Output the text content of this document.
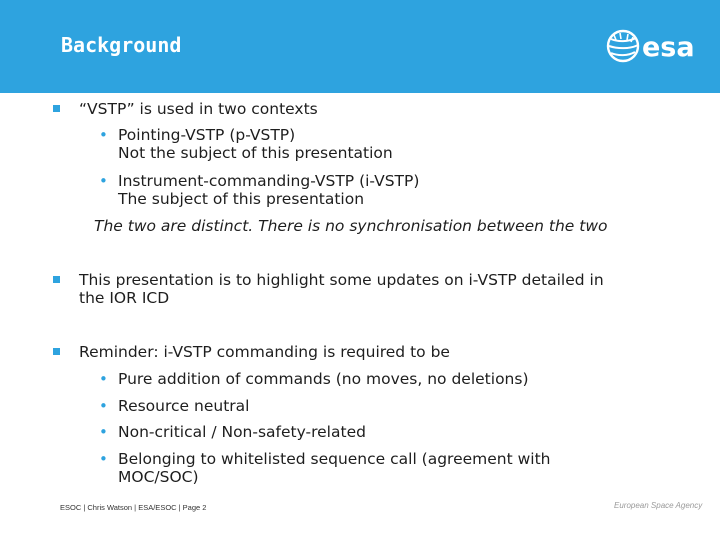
Background	esa
“VSTP” is used in two contexts
• Pointing-VSTP (p-VSTP)
Not the subject of this presentation
• Instrument-commanding-VSTP (i-VSTP)
The subject of this presentation
The two are distinct. There is no synchronisation between the two
This presentation is to highlight some updates on i-VSTP detailed in
the IOR ICD
Reminder: i-VSTP commanding is required to be
• Pure addition of commands (no moves, no deletions)
• Resource neutral
• Non-critical / Non-safety-related
• Belonging to whitelisted sequence call (agreement with
MOC/SOC)
ESOC | Chris Watson | ESA/ESOC | Page 2	European Space Agency
